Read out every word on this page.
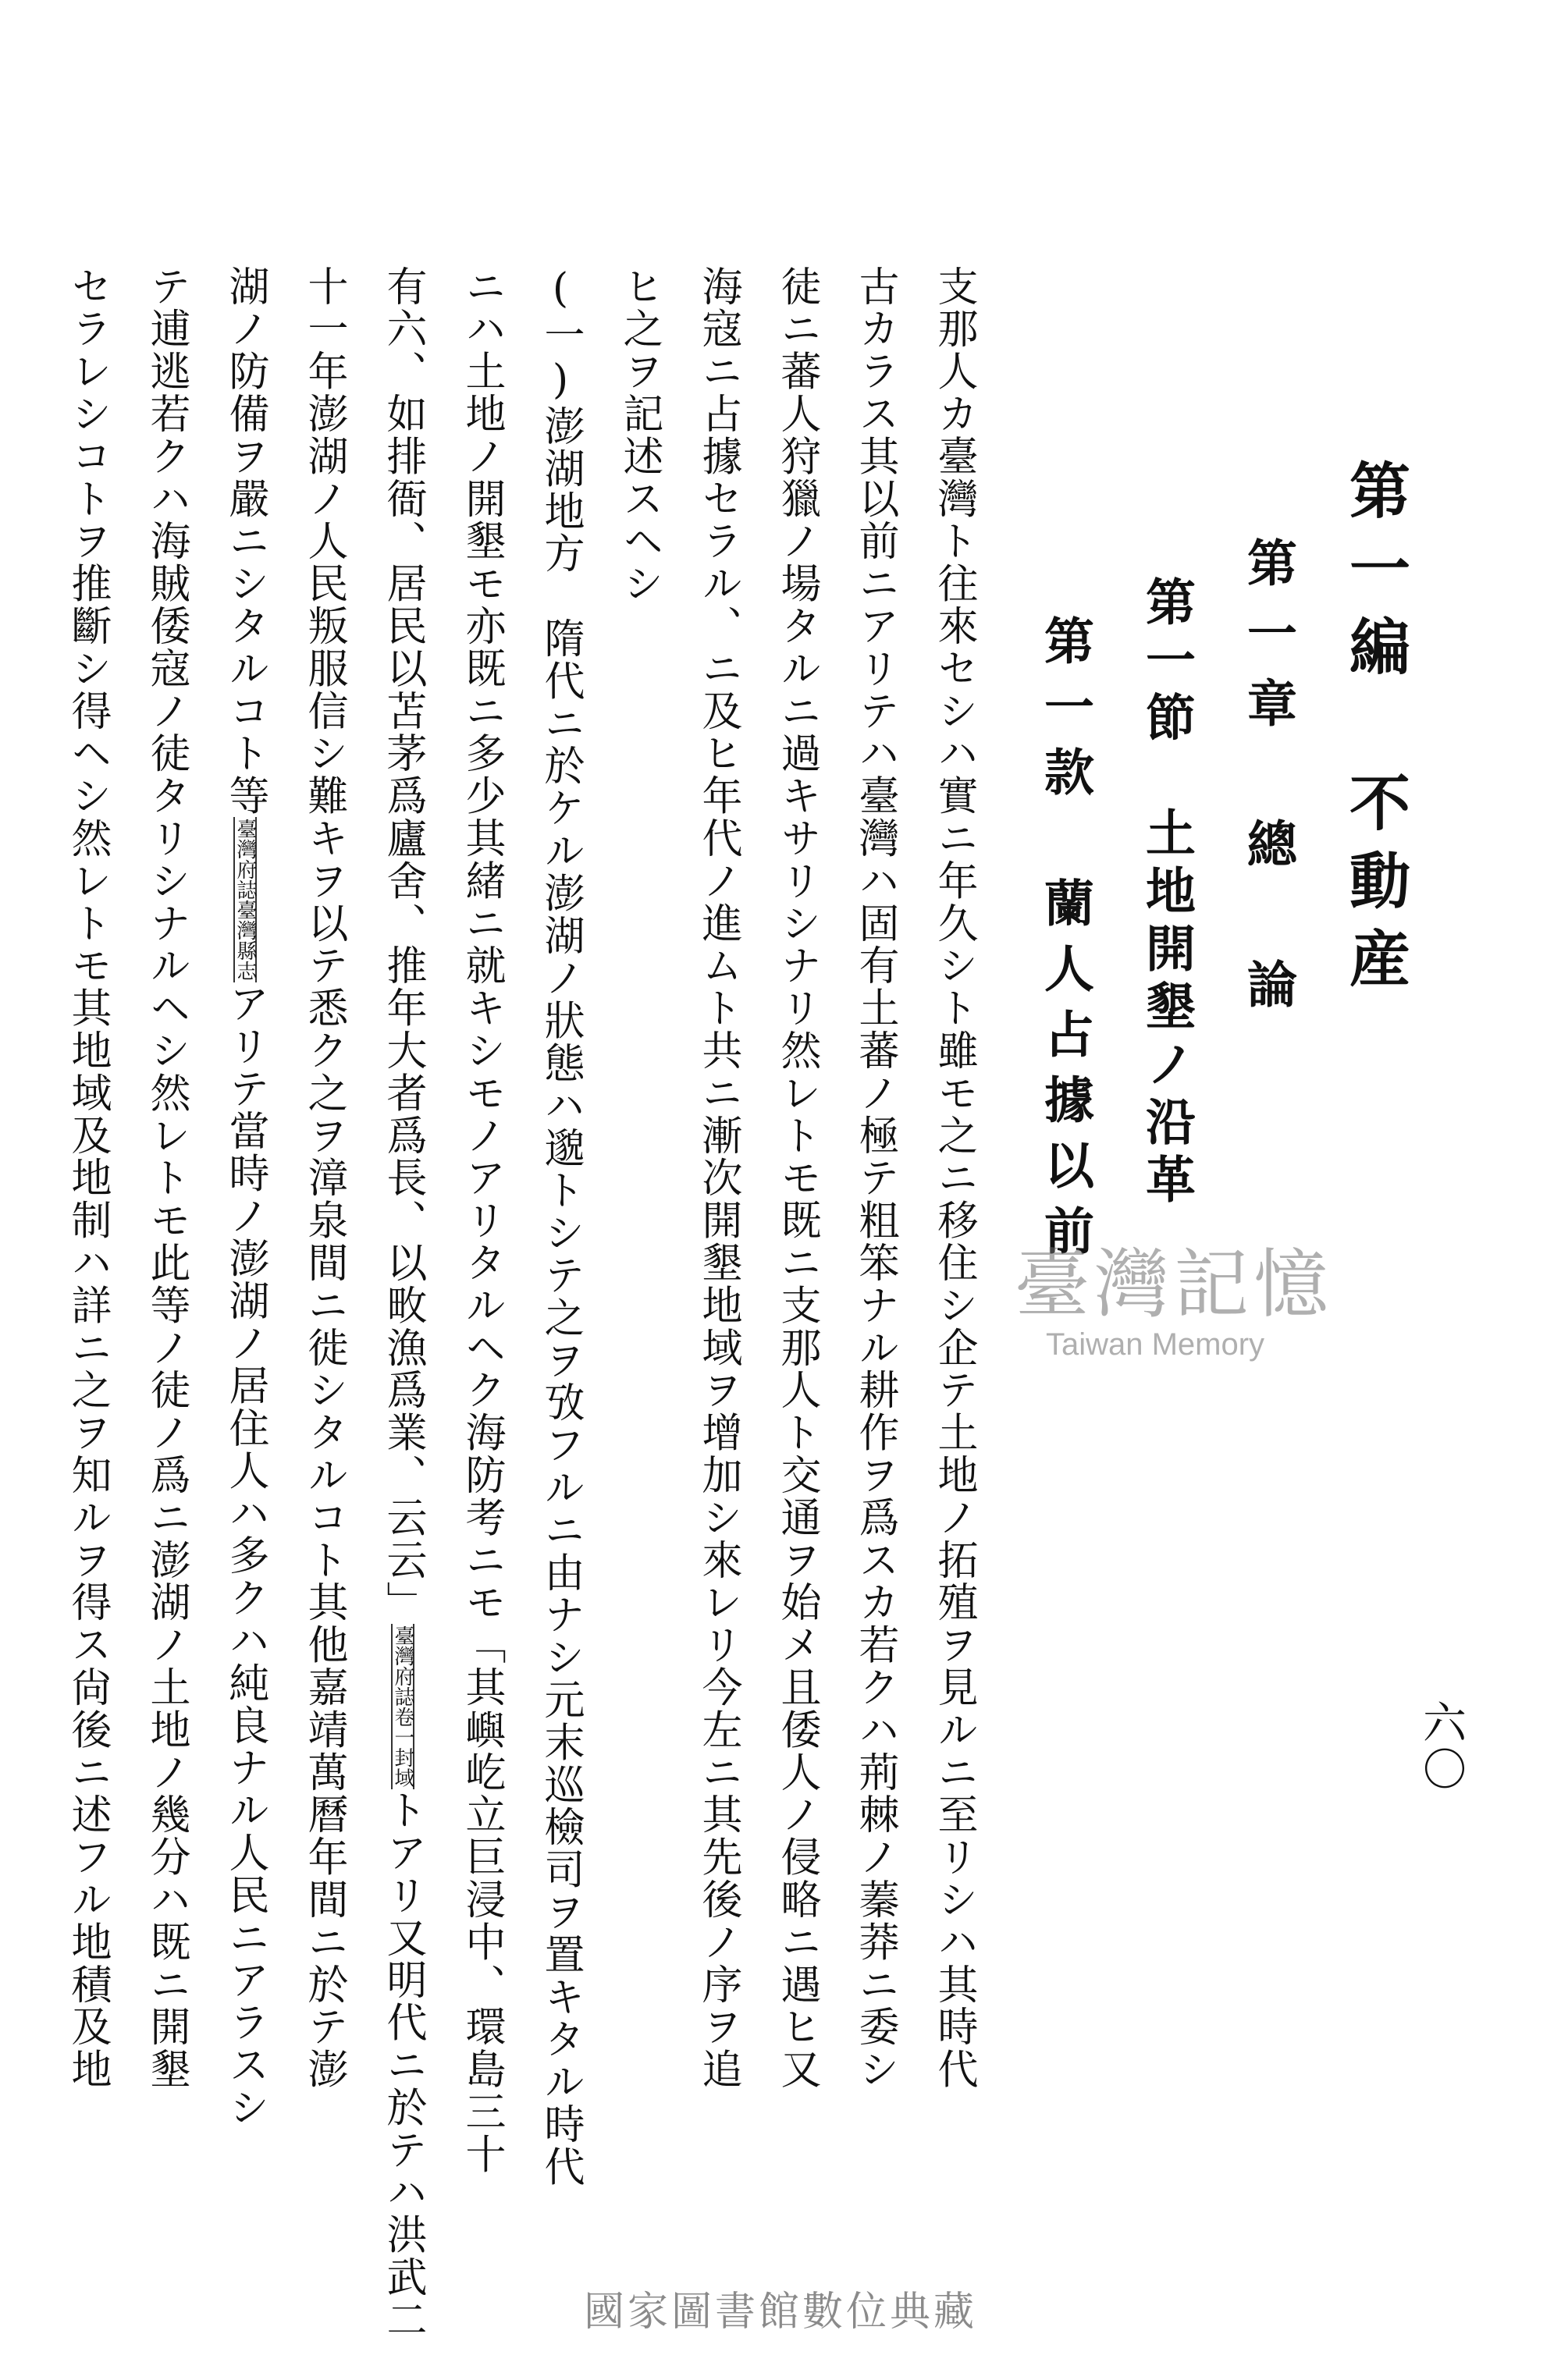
第一編　不動産
第一章　總　論
第一節　土地開墾ノ沿革
第一款　蘭人占據以前
支那人カ臺灣ト往來セシハ實ニ年久シト雖モ之ニ移住シ企テ土地ノ拓殖ヲ見ルニ至リシハ其時代
古カラス其以前ニアリテハ臺灣ハ固有土蕃ノ極テ粗笨ナル耕作ヲ爲スカ若クハ荊棘ノ蓁莽ニ委シ
徒ニ蕃人狩獵ノ場タルニ過キサリシナリ然レトモ既ニ支那人ト交通ヲ始メ且倭人ノ侵略ニ遇ヒ又
海寇ニ占據セラル、ニ及ヒ年代ノ進ムト共ニ漸次開墾地域ヲ增加シ來レリ今左ニ其先後ノ序ヲ追
ヒ之ヲ記述スヘシ
(一)澎湖地方　隋代ニ於ケル澎湖ノ狀態ハ邈トシテ之ヲ攷フルニ由ナシ元末巡檢司ヲ置キタル時代
ニハ土地ノ開墾モ亦既ニ多少其緒ニ就キシモノアリタルヘク海防考ニモ「其嶼屹立巨浸中、環島三十
有六、如排衙、居民以苫茅爲廬舍、推年大者爲長、以畋漁爲業、云云」臺灣府誌卷一封域トアリ又明代ニ於テハ洪武二
十一年澎湖ノ人民叛服信シ難キヲ以テ悉ク之ヲ漳泉間ニ徙シタルコト其他嘉靖萬曆年間ニ於テ澎
湖ノ防備ヲ嚴ニシタルコト等臺灣府誌臺灣縣志アリテ當時ノ澎湖ノ居住人ハ多クハ純良ナル人民ニアラスシ
テ逋逃若クハ海賊倭寇ノ徒タリシナルヘシ然レトモ此等ノ徒ノ爲ニ澎湖ノ土地ノ幾分ハ既ニ開墾
セラレシコトヲ推斷シ得ヘシ然レトモ其地域及地制ハ詳ニ之ヲ知ルヲ得ス尙後ニ述フル地積及地	六〇
臺灣記憶
Taiwan Memory
國家圖書館數位典藏
